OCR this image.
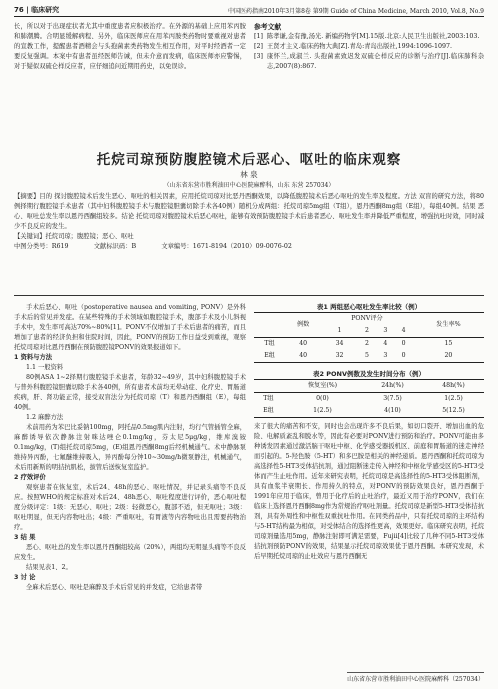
76 | 临床研究	中国医药指南2010年3月第8卷 第9期 Guide of China Medicine, March 2010, Vol.8, No.9
长，所以对于出现症状者尤其中重度患者应积极治疗。在外源的基础上应用苯丙胺和肺潮腾。合明显缓解病程、另外，临床医师应在用苯丙胺类药物时要重视对患者的宣教工作，提醒患者酒精会与头孢菌素类药物发生相互作用，对平时经酒者一定要反复强调。本案中有患者虽经医师告诫，但未介意而发病，临床医师亦应警惕，对于疑似双硫仑样反应者，应仔细追问近期用药史，以免误诊。
参考文献
[1] 陈孝谦,金有豫,汤光. 新编药物学[M].15版.北京:人民卫生出版社,2003:103.
[2] 王贤才主义.临床药物大典[Z].青岛:青岛出版社,1994:1096-1097.
[3] 康怀兰,成淑兰. 头孢菌素致迟发双硫仑样反应的诊断与治疗[J].临床肺科杂志,2007(8):867.
托烷司琼预防腹腔镜术后恶心、呕吐的临床观察
林 泉
（山东省东营市胜利油田中心医院麻醉科，山东 东营 257034）
【摘要】目的 探讨腹腔镜术后发生恶心、呕吐的相关因素，应用托烷司琼对比恶丹西酮效果，以降低腹腔镜术后恶心呕吐的发生率及程度。方法 双盲的研究方法，将80例择期行腹腔镜手术患者（其中妇科腹腔镜手术与腹腔镜胆囊切除手术各40例）随机分成两组：托烷司琼5mg组（T组），恩丹西酮8mg组（E组），每组40例。结果 恶心、呕吐总发生率以恩丹西酮组较多。结论 托烷司琼对腹腔镜术后恶心呕吐，能够有效预防腹腔镜手术后患者恶心、呕吐发生率并降低严重程度，增强抗吐时效，同时减少不良反应的发生。
【关键词】托烷司琼；腹腔镜；恶心、呕吐
中图分类号：R619　　　　文献标识码：B　　　　文章编号：1671-8194（2010）09-0076-02
手术后恶心、呕吐（postoperative nausea and vomiting, PONV）是外科手术后的常见并发症。在某些特殊的手术领域如腹腔镜手术，腹部手术及小儿斜视手术中，发生率可高达70%~80%[1]。PONV不仅增加了手术后患者的痛苦，而且增加了患者的经济负担和住院时间，因此，PONV的预防工作日益受到重视，观察托烷司琼对比恩丹西酮在预防腹腔镜PONV的效果报道如下。
1 资料与方法
1.1 一般资料
80例ASA 1~2择期行腹腔镜手术患者，年龄32~49岁，其中妇科腹腔镜手术与普外科腹腔镜胆囊切除手术各40例，所有患者术前均无晕动症、化疗史、胃肠道疾病，肝、肾功能正常，接受双盲法分为托烷司琼（T）和恩丹西酮组（E），每组40例。
1.2 麻醉方法
术前用药为苯巴比妥钠100mg，阿托品0.5mg肌内注射，均行气管插管全麻，麻醉诱导依次静脉注射咪达唑仑0.1mg/kg，芬太尼5μg/kg，维库溴铵0.1mg/kg，(T)组托烷司琼5mg，(E)组恩丹西酮8mg后经机械通气。术中静脉泵维持异丙酚，七氟醚维持吸入，异丙酚每分钟10~30mg/h微泵静注，机械通气，术后用新斯的明拮抗肌松，拔管后送恢复室监护。
2 疗效评价
观察患者在恢复室，术后24、48h的恶心、呕吐情况，并记录头痛等不良反应。按照WHO的规定标准对术后24、48h恶心、呕吐程度进行评价，恶心呕吐程度分级评定：1级：无恶心、呕吐；2级：轻微恶心，腹部不适，但无呕吐；3级：呕吐明显，但无内容物吐出；4级：严重呕吐，有胃液等内容物吐出且需要药物治疗。
3 结 果
恶心、呕吐总的发生率以恩丹西酮组较高（20%），两组均无明显头痛等不良反应发生。
结果见表1、2。
3 讨 论
全麻术后恶心、呕吐是麻醉及手术后常见的并发症，它给患者带
表1 两组恶心呕吐发生率比较（例）
	例数	PONV评分				发生率%
		1	2	3	4	
T组	40	34	2	4	0	15
E组	40	32	5	3	0	20
表2 PONV例数及发生时间分布（例）
	恢复室(%)	24h(%)	48h(%)
T组	0(0)	3(7.5)	1(2.5)
E组	1(2.5)	4(10)	5(12.5)
来了很大的痛苦和不安，同时也会出现许多不良后果，如切口裂开、增加出血的危险、电解质紊乱和脱水等，因此有必要对PONV进行预防和治疗。PONV可能由多种诱发因素通过激活脑干呕吐中枢、化学感受器扳机区、前庭和胃肠道的迷走神经而引起的。5-羟色胺（5-HT）和多巴胺是相关的神经递质。恩丹西酮和托烷司琼为高选择性5-HT3受体拮抗剂，通过阻断迷走传入神经和中枢化学感受区的5-HT3受体而产生止吐作用。近年来研究表明，托烷司琼是高选择性的5-HT3受体阻断剂，具有血浆半衰期长、作用持久的特点，对PONV的预防效果良好，恩丹西酮于1991年应用于临床，曾用于化疗后的止吐治疗，最近又用于治疗PONV，我们在临床上选择恩丹西酮8mg作为常规治疗呕吐剂量。托烷司琼是新型5-HT3受体拮抗剂，具有外周性和中枢性双重抗吐作用。在同类药品中，只有托烷司琼的主环结构与5-HT结构最为相似，对受体结合的选择性更高，效果更好。临床研究表明，托烷司琼剂量选用5mg，静脉注射即可满足需要，Fujii[4]比较了几种不同5-HT3受体拮抗剂预防PONV的效果，结果显示托烷司琼效果优于恩丹西酮。本研究发现，术后早期托烷司琼的止吐效应与恩丹西酮无
山东省东营市胜利油田中心医院麻醉科（257034）
